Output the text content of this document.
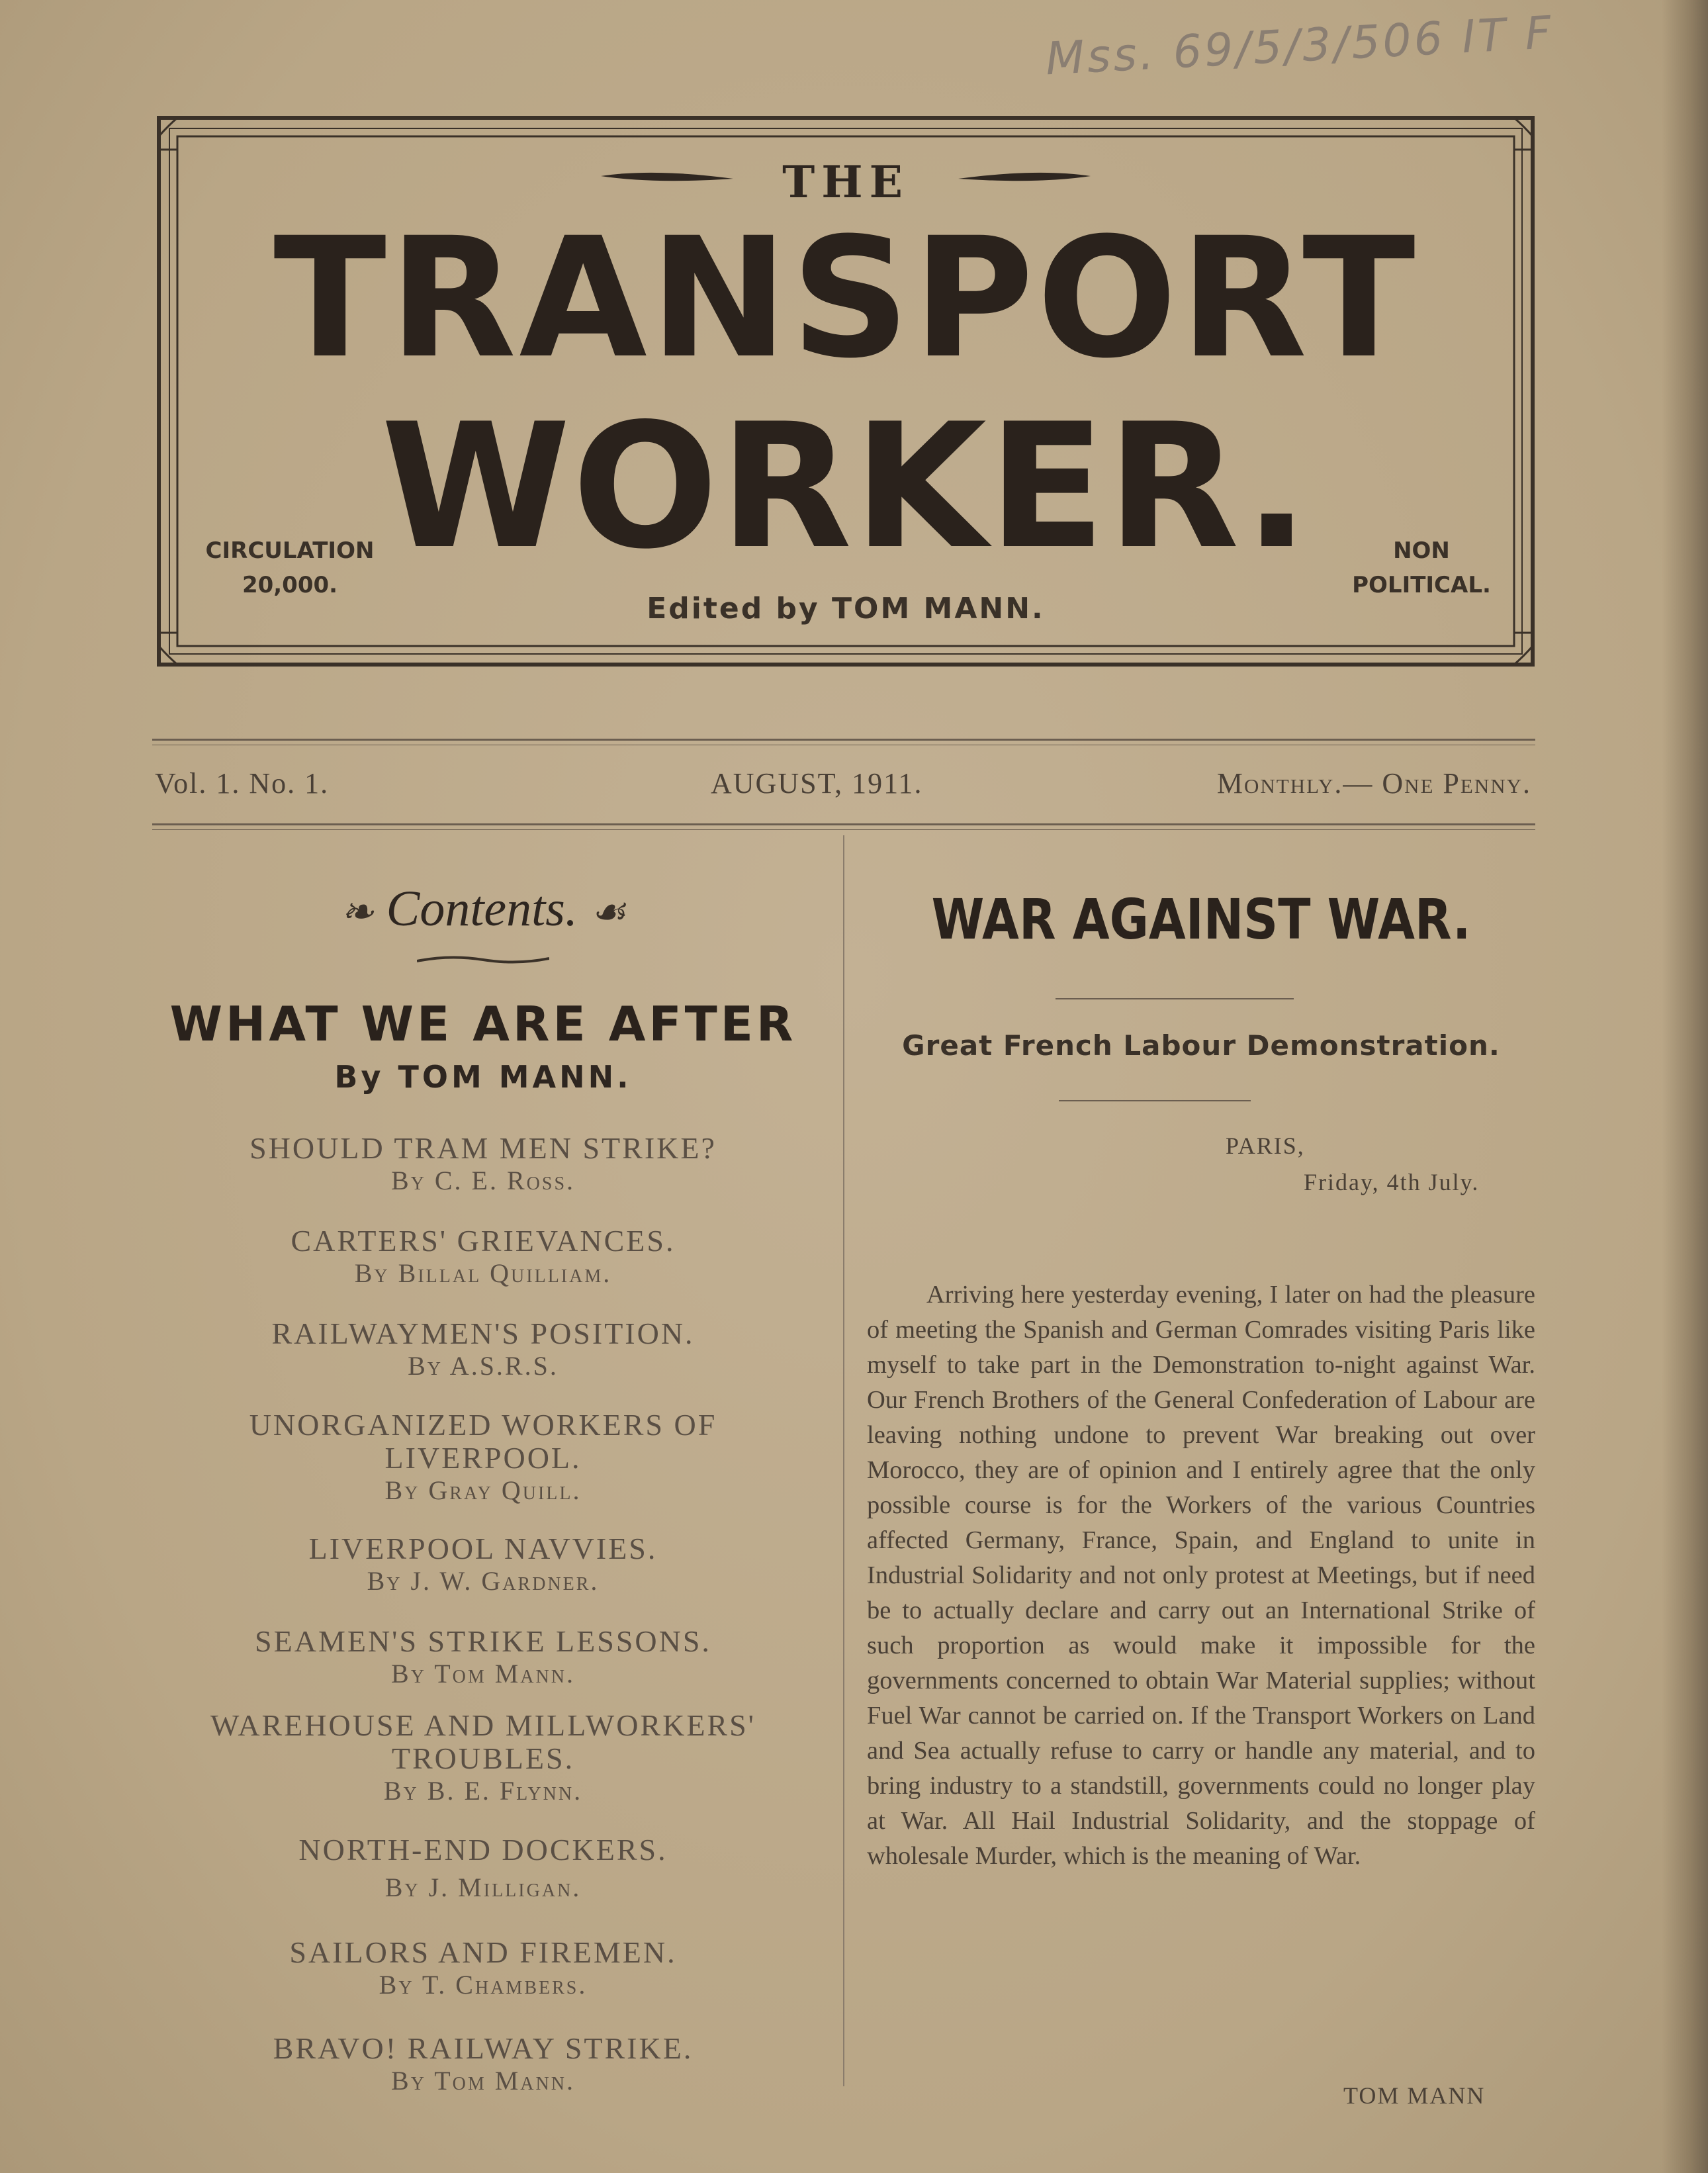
Mss. 69/5/3/506 IT F
THE
TRANSPORT
WORKER.
CIRCULATION
20,000.
NON
POLITICAL.
Edited by TOM MANN.
Vol. 1. No. 1.	AUGUST, 1911.	Monthly.— One Penny.
❧ Contents. ☙
WHAT WE ARE AFTER
By TOM MANN.
SHOULD TRAM MEN STRIKE?
By C. E. Ross.
CARTERS' GRIEVANCES.
By Billal Quilliam.
RAILWAYMEN'S POSITION.
By A.S.R.S.
UNORGANIZED WORKERS OF LIVERPOOL.
By Gray Quill.
LIVERPOOL NAVVIES.
By J. W. Gardner.
SEAMEN'S STRIKE LESSONS.
By Tom Mann.
WAREHOUSE AND MILLWORKERS' TROUBLES.
By B. E. Flynn.
NORTH-END DOCKERS.
By J. Milligan.
SAILORS AND FIREMEN.
By T. Chambers.
BRAVO! RAILWAY STRIKE.
By Tom Mann.
WAR AGAINST WAR.
Great French Labour Demonstration.
PARIS,
Friday, 4th July.

Arriving here yesterday evening, I later on had the pleasure of meeting the Spanish and German Comrades visiting Paris like myself to take part in the Demonstration to-night against War. Our French Brothers of the General Confederation of Labour are leaving nothing undone to prevent War breaking out over Morocco, they are of opinion and I entirely agree that the only possible course is for the Workers of the various Countries affected Germany, France, Spain, and England to unite in Industrial Solidarity and not only protest at Meetings, but if need be to actually declare and carry out an International Strike of such proportion as would make it impossible for the governments concerned to obtain War Material supplies; without Fuel War cannot be carried on. If the Transport Workers on Land and Sea actually refuse to carry or handle any material, and to bring industry to a standstill, governments could no longer play at War. All Hail Industrial Solidarity, and the stoppage of wholesale Murder, which is the meaning of War.

TOM MANN
